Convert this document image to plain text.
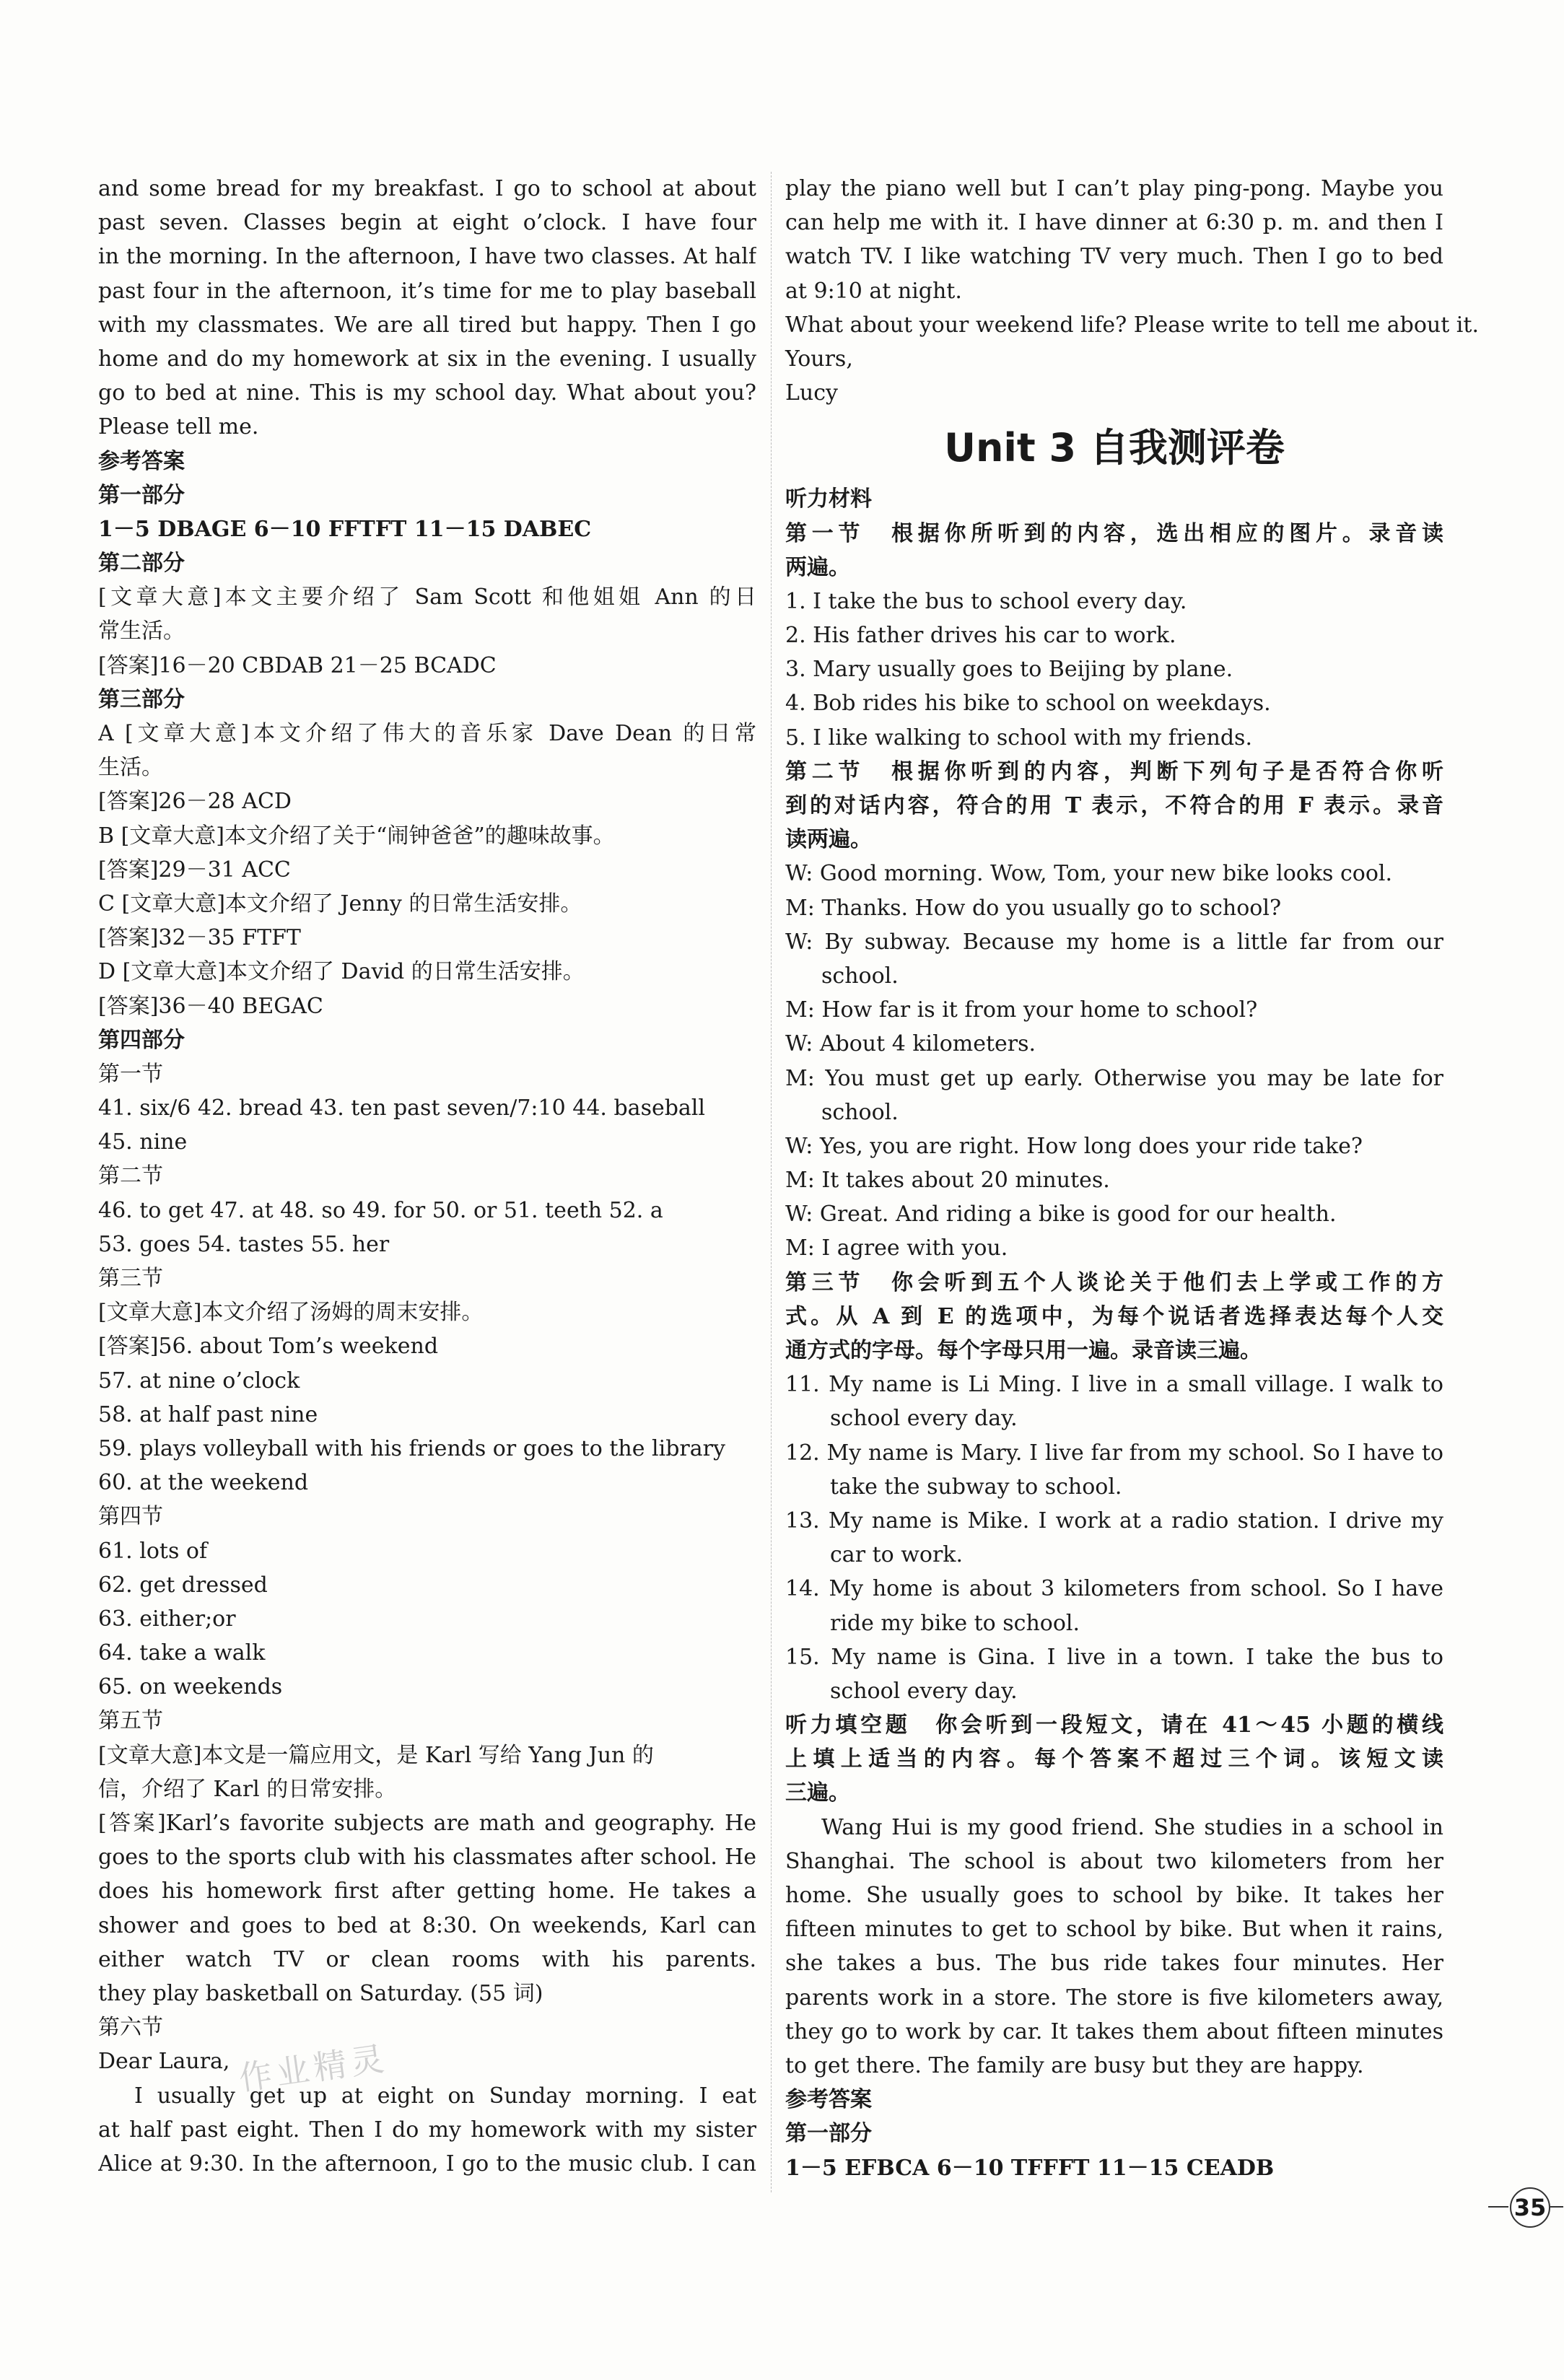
and some bread for my breakfast. I go to school at about
past seven. Classes begin at eight o’clock. I have four
in the morning. In the afternoon, I have two classes. At half
past four in the afternoon, it’s time for me to play baseball
with my classmates. We are all tired but happy. Then I go
home and do my homework at six in the evening. I usually
go to bed at nine. This is my school day. What about you?
Please tell me.
参考答案
第一部分
1－5 DBAGE 6－10 FFTFT 11－15 DABEC
第二部分
[文章大意]本文主要介绍了 Sam Scott 和他姐姐 Ann 的日
常生活。
[答案]16－20 CBDAB 21－25 BCADC
第三部分
A [文章大意]本文介绍了伟大的音乐家 Dave Dean 的日常
生活。
[答案]26－28 ACD
B [文章大意]本文介绍了关于“闹钟爸爸”的趣味故事。
[答案]29－31 ACC
C [文章大意]本文介绍了 Jenny 的日常生活安排。
[答案]32－35 FTFT
D [文章大意]本文介绍了 David 的日常生活安排。
[答案]36－40 BEGAC
第四部分
第一节
41. six/6 42. bread 43. ten past seven/7:10 44. baseball
45. nine
第二节
46. to get 47. at 48. so 49. for 50. or 51. teeth 52. a
53. goes 54. tastes 55. her
第三节
[文章大意]本文介绍了汤姆的周末安排。
[答案]56. about Tom’s weekend
57. at nine o’clock
58. at half past nine
59. plays volleyball with his friends or goes to the library
60. at the weekend
第四节
61. lots of
62. get dressed
63. either;or
64. take a walk
65. on weekends
第五节
[文章大意]本文是一篇应用文，是 Karl 写给 Yang Jun 的
信，介绍了 Karl 的日常安排。
[答案]Karl’s favorite subjects are math and geography. He
goes to the sports club with his classmates after school. He
does his homework first after getting home. He takes a
shower and goes to bed at 8:30. On weekends, Karl can
either watch TV or clean rooms with his parents.
they play basketball on Saturday. (55 词)
第六节
Dear Laura,
I usually get up at eight on Sunday morning. I eat
at half past eight. Then I do my homework with my sister
Alice at 9:30. In the afternoon, I go to the music club. I can
play the piano well but I can’t play ping-pong. Maybe you
can help me with it. I have dinner at 6:30 p. m. and then I
watch TV. I like watching TV very much. Then I go to bed
at 9:10 at night.
What about your weekend life? Please write to tell me about it.
Yours,
Lucy
Unit 3 自我测评卷
听力材料
第一节　根据你所听到的内容，选出相应的图片。录音读
两遍。
1. I take the bus to school every day.
2. His father drives his car to work.
3. Mary usually goes to Beijing by plane.
4. Bob rides his bike to school on weekdays.
5. I like walking to school with my friends.
第二节　根据你听到的内容，判断下列句子是否符合你听
到的对话内容，符合的用 T 表示，不符合的用 F 表示。录音
读两遍。
W: Good morning. Wow, Tom, your new bike looks cool.
M: Thanks. How do you usually go to school?
W: By subway. Because my home is a little far from our
school.
M: How far is it from your home to school?
W: About 4 kilometers.
M: You must get up early. Otherwise you may be late for
school.
W: Yes, you are right. How long does your ride take?
M: It takes about 20 minutes.
W: Great. And riding a bike is good for our health.
M: I agree with you.
第三节　你会听到五个人谈论关于他们去上学或工作的方
式。从 A 到 E 的选项中，为每个说话者选择表达每个人交
通方式的字母。每个字母只用一遍。录音读三遍。
11. My name is Li Ming. I live in a small village. I walk to
school every day.
12. My name is Mary. I live far from my school. So I have to
take the subway to school.
13. My name is Mike. I work at a radio station. I drive my
car to work.
14. My home is about 3 kilometers from school. So I have
ride my bike to school.
15. My name is Gina. I live in a town. I take the bus to
school every day.
听力填空题　你会听到一段短文，请在 41～45 小题的横线
上填上适当的内容。每个答案不超过三个词。该短文读
三遍。
Wang Hui is my good friend. She studies in a school in
Shanghai. The school is about two kilometers from her
home. She usually goes to school by bike. It takes her
fifteen minutes to get to school by bike. But when it rains,
she takes a bus. The bus ride takes four minutes. Her
parents work in a store. The store is five kilometers away,
they go to work by car. It takes them about fifteen minutes
to get there. The family are busy but they are happy.
参考答案
第一部分
1－5 EFBCA 6－10 TFFFT 11－15 CEADB
作业精灵
35
